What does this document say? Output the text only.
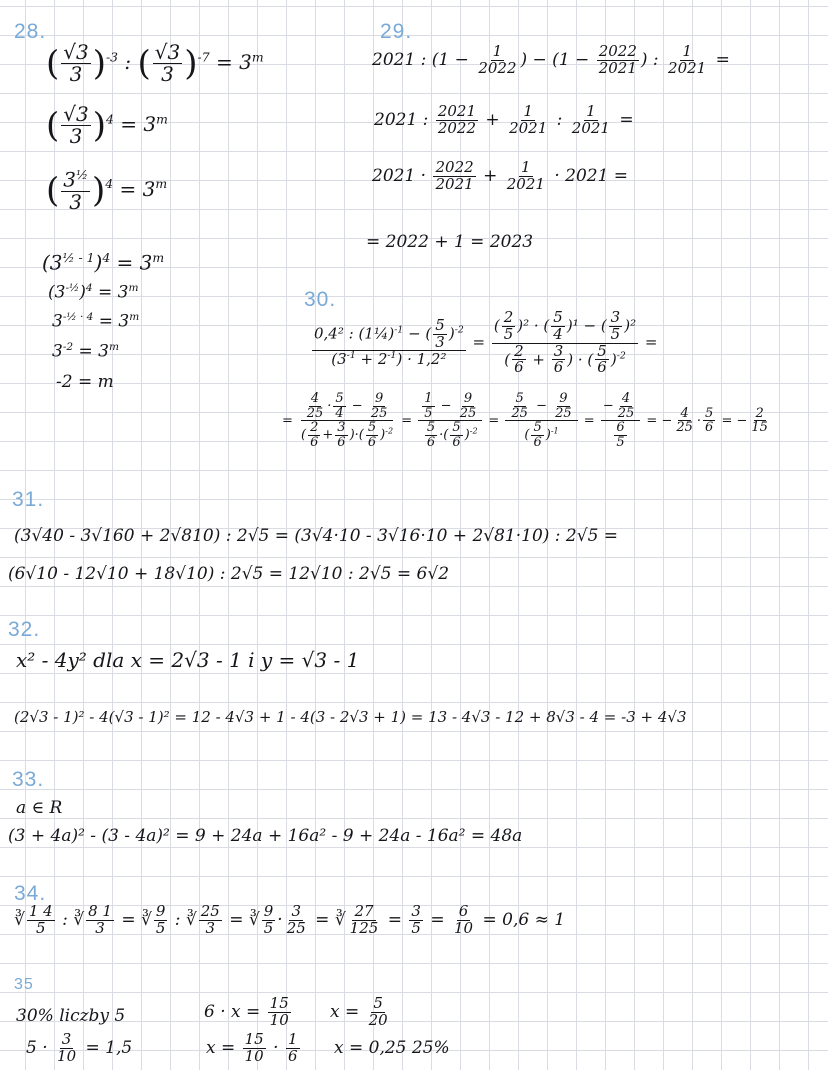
28.
( $\frac{√3}{3} )^{-3}$ : ( $\frac{√3}{3} )^{-7} = 3^m$
( $\frac{√3}{3} )^4 = 3^m$
( $\frac{3^{\frac{1}{2}}}{3} )^4 = 3^m$
$(3^{\frac{1}{2} - 1})^4 = 3^m$
$(3^{-\frac{1}{2}})^4 = 3^m$
$3^{-\frac{1}{2} \cdot 4} = 3^m$
$3^{-2} = 3^m$
-2 = m
29.
2021 : ($1 - \frac{1}{2022}$ ) − ($1 - \frac{2022}{2021}$ ) : $\frac{1}{2021}$ =
2021 : $\frac{2021}{2022} + \frac{1}{2021}$ : $\frac{1}{2021}$ =
$2021 \cdot \frac{2022}{2021} + \frac{1}{2021} \cdot 2021$ =
= 2022 + 1 = 2023
30.
$\frac{0,4^2 : (1\frac{1}{4})^{-1} - ( \frac{5}{3} )^{-2}}{(3^{-1} + 2^{-1}) \cdot 1,2^2} = \frac{( \frac{2}{5} )^2 \cdot ( \frac{5}{4} )^1 - ( \frac{3}{5} )^2}{( \frac{2}{6} + \frac{3}{6} ) \cdot ( \frac{5}{6} )^{-2}}$ =
= $\frac{\frac{4}{25} \cdot \frac{5}{4} - \frac{9}{25}}{( \frac{2}{6} + \frac{3}{6} )\cdot( \frac{5}{6} )^{-2}} = \frac{\frac{1}{5} - \frac{9}{25}}{\frac{5}{6} \cdot( \frac{5}{6} )^{-2}} = \frac{\frac{5}{25} - \frac{9}{25}}{( \frac{5}{6} )^{-1}} = \frac{- \frac{4}{25}}{\frac{6}{5}}$ = − $\frac{4}{25} \cdot \frac{5}{6}$ = − $\frac{2}{15}$
31.
(3√40 - 3√160 + 2√810) : 2√5 = (3√4·10 - 3√16·10 + 2√81·10) : 2√5 =
(6√10 - 12√10 + 18√10) : 2√5 = 12√10 : 2√5 = 6√2
32.
x² - 4y² dla x = 2√3 - 1 i y = √3 - 1
(2√3 - 1)² - 4(√3 - 1)² = 12 - 4√3 + 1 - 4(3 - 2√3 + 1) = 13 - 4√3 - 12 + 8√3 - 4 = -3 + 4√3
33.
a ∈ R
(3 + 4a)² - (3 - 4a)² = 9 + 24a + 16a² - 9 + 24a - 16a² = 48a
34.
∛ $\frac{1 4}{5}$ : ∛ $\frac{8 1}{3}$ = ∛ $\frac{9}{5}$ : ∛ $\frac{25}{3}$ = ∛ $\frac{9}{5} \cdot \frac{3}{25}$ = ∛ $\frac{27}{125} = \frac{3}{5} = \frac{6}{10} = 0,6 \approx 1$
35
30% liczby 5
$5 \cdot \frac{3}{10} = 1,5$
$6 \cdot x = \frac{15}{10}$
$x = \frac{15}{10} \cdot \frac{1}{6}$
$x = \frac{5}{20}$
x = 0,25 25%
